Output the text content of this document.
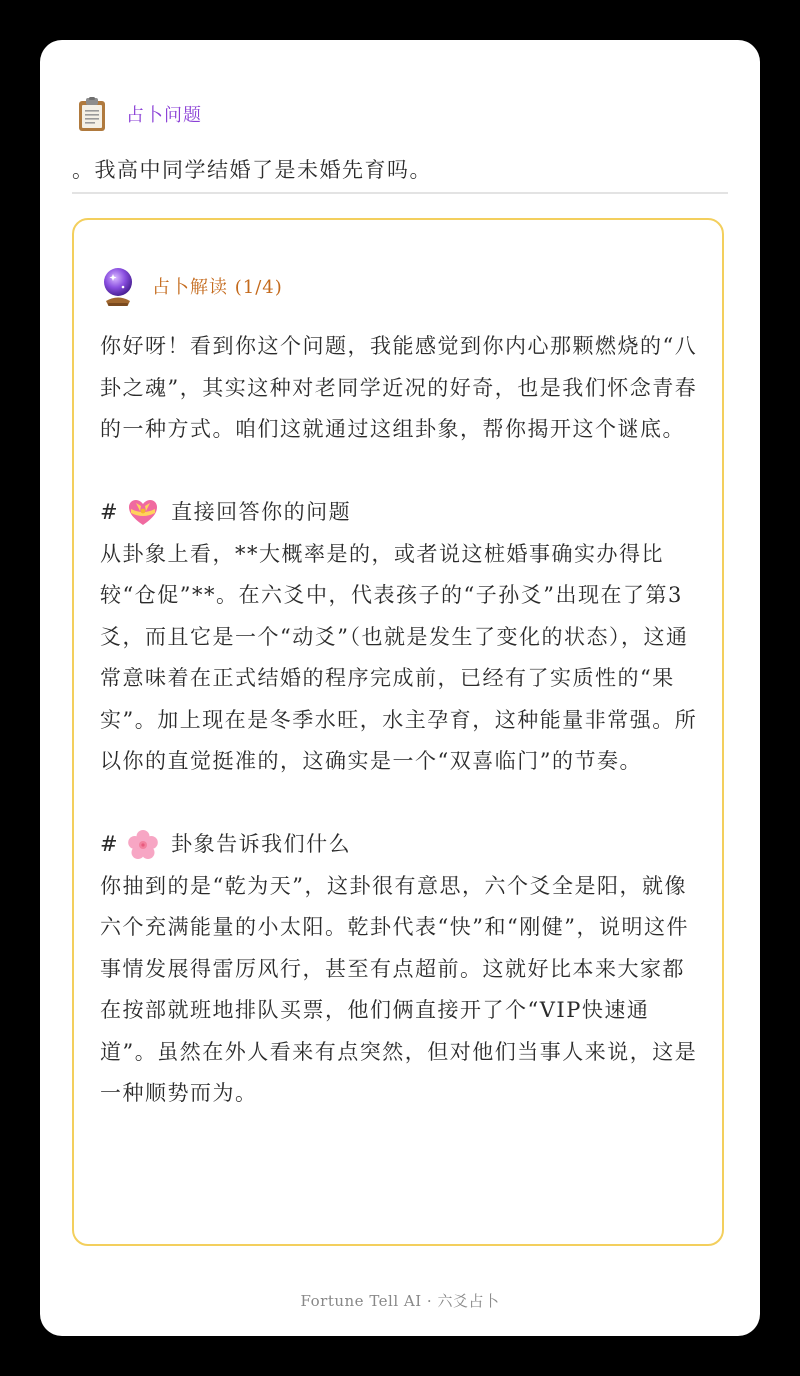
占卜问题
。我高中同学结婚了是未婚先育吗。
占卜解读 (1/4)

你好呀！看到你这个问题，我能感觉到你内心那颗燃烧的“八卦之魂”，其实这种对老同学近况的好奇，也是我们怀念青春的一种方式。咱们这就通过这组卦象，帮你揭开这个谜底。

# 直接回答你的问题

从卦象上看，**大概率是的，或者说这桩婚事确实办得比较“仓促”**。在六爻中，代表孩子的“子孙爻”出现在了第3爻，而且它是一个“动爻”（也就是发生了变化的状态），这通常意味着在正式结婚的程序完成前，已经有了实质性的“果实”。加上现在是冬季水旺，水主孕育，这种能量非常强。所以你的直觉挺准的，这确实是一个“双喜临门”的节奏。

# 卦象告诉我们什么

你抽到的是“乾为天”，这卦很有意思，六个爻全是阳，就像六个充满能量的小太阳。乾卦代表“快”和“刚健”，说明这件事情发展得雷厉风行，甚至有点超前。这就好比本来大家都在按部就班地排队买票，他们俩直接开了个“VIP快速通道”。虽然在外人看来有点突然，但对他们当事人来说，这是一种顺势而为。

Fortune Tell AI · 六爻占卜
